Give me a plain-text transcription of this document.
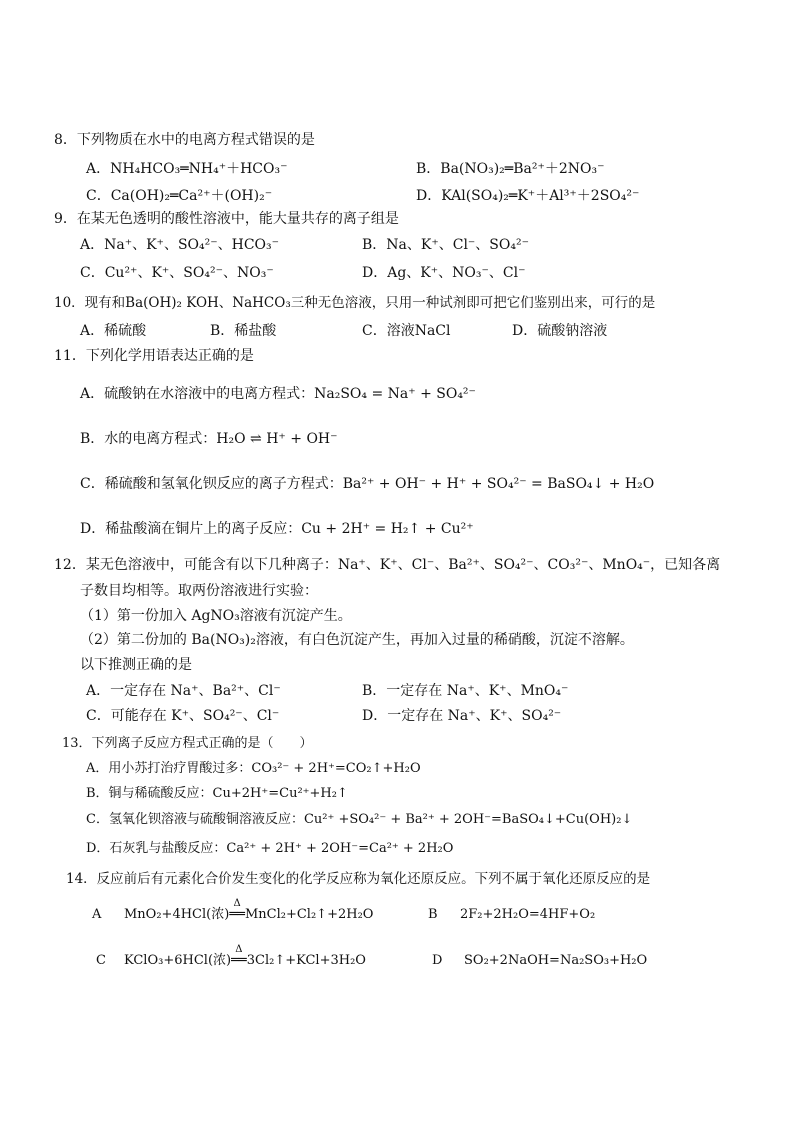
8．下列物质在水中的电离方程式错误的是
A．NH₄HCO₃═NH₄⁺＋HCO₃⁻	B．Ba(NO₃)₂═Ba²⁺＋2NO₃⁻
C．Ca(OH)₂═Ca²⁺＋(OH)₂⁻	D．KAl(SO₄)₂═K⁺＋Al³⁺＋2SO₄²⁻
9．在某无色透明的酸性溶液中，能大量共存的离子组是
A．Na⁺、K⁺、SO₄²⁻、HCO₃⁻	B．Na、K⁺、Cl⁻、SO₄²⁻
C．Cu²⁺、K⁺、SO₄²⁻、NO₃⁻	D．Ag、K⁺、NO₃⁻、Cl⁻
10．现有和Ba(OH)₂ KOH、NaHCO₃三种无色溶液，只用一种试剂即可把它们鉴别出来，可行的是
A．稀硫酸	B．稀盐酸	C．溶液NaCl	D．硫酸钠溶液
11．下列化学用语表达正确的是
A．硫酸钠在水溶液中的电离方程式：Na₂SO₄ = Na⁺ + SO₄²⁻
B．水的电离方程式：H₂O ⇌ H⁺ + OH⁻
C．稀硫酸和氢氧化钡反应的离子方程式：Ba²⁺ + OH⁻ + H⁺ + SO₄²⁻ = BaSO₄↓ + H₂O
D．稀盐酸滴在铜片上的离子反应：Cu + 2H⁺ = H₂↑ + Cu²⁺
12．某无色溶液中，可能含有以下几种离子：Na⁺、K⁺、Cl⁻、Ba²⁺、SO₄²⁻、CO₃²⁻、MnO₄⁻，已知各离
子数目均相等。取两份溶液进行实验：
（1）第一份加入 AgNO₃溶液有沉淀产生。
（2）第二份加的 Ba(NO₃)₂溶液，有白色沉淀产生，再加入过量的稀硝酸，沉淀不溶解。
以下推测正确的是
A．一定存在 Na⁺、Ba²⁺、Cl⁻	B．一定存在 Na⁺、K⁺、MnO₄⁻
C．可能存在 K⁺、SO₄²⁻、Cl⁻	D．一定存在 Na⁺、K⁺、SO₄²⁻
13．下列离子反应方程式正确的是（　　）
A．用小苏打治疗胃酸过多：CO₃²⁻ + 2H⁺=CO₂↑+H₂O
B．铜与稀硫酸反应：Cu+2H⁺=Cu²⁺+H₂↑
C．氢氧化钡溶液与硫酸铜溶液反应：Cu²⁺ +SO₄²⁻ + Ba²⁺ + 2OH⁻=BaSO₄↓+Cu(OH)₂↓
D．石灰乳与盐酸反应：Ca²⁺ + 2H⁺ + 2OH⁻=Ca²⁺ + 2H₂O
14．反应前后有元素化合价发生变化的化学反应称为氧化还原反应。下列不属于氧化还原反应的是
A MnO₂+4HCl(浓)
Δ
══MnCl₂+Cl₂↑+2H₂O	B 2F₂+2H₂O=4HF+O₂
C KClO₃+6HCl(浓)
Δ
══3Cl₂↑+KCl+3H₂O	D SO₂+2NaOH=Na₂SO₃+H₂O
